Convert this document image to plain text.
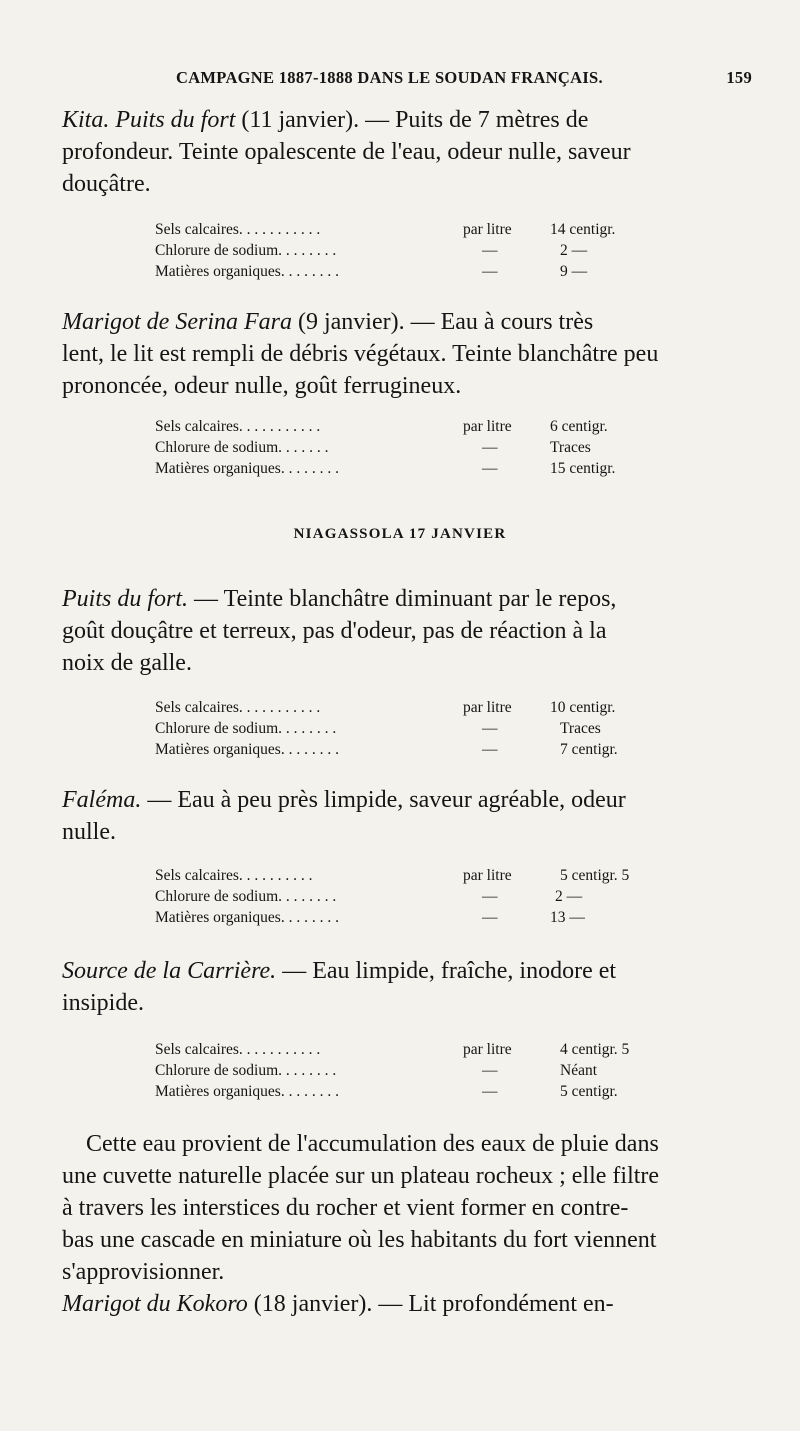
CAMPAGNE 1887-1888 DANS LE SOUDAN FRANÇAIS.	159
Kita. Puits du fort (11 janvier). — Puits de 7 mètres de
profondeur. Teinte opalescente de l'eau, odeur nulle, saveur
douçâtre.
Sels calcaires. . . . . . . . . . .	par litre 14 centigr.
Chlorure de sodium. . . . . . . .	—	2 —
Matières organiques. . . . . . . .	—	9 —
Marigot de Serina Fara (9 janvier). — Eau à cours très
lent, le lit est rempli de débris végétaux. Teinte blanchâtre peu
prononcée, odeur nulle, goût ferrugineux.
Sels calcaires. . . . . . . . . . .	par litre 6 centigr.
Chlorure de sodium. . . . . . .	—	Traces
Matières organiques. . . . . . . .	—	15 centigr.
NIAGASSOLA 17 JANVIER
Puits du fort. — Teinte blanchâtre diminuant par le repos,
goût douçâtre et terreux, pas d'odeur, pas de réaction à la
noix de galle.
Sels calcaires. . . . . . . . . . .	par litre 10 centigr.
Chlorure de sodium. . . . . . . .	—	Traces
Matières organiques. . . . . . . .	—	7 centigr.
Faléma. — Eau à peu près limpide, saveur agréable, odeur
nulle.
Sels calcaires. . . . . . . . . .	par litre	5 centigr. 5
Chlorure de sodium. . . . . . . .	—	2 —
Matières organiques. . . . . . . .	—	13 —
Source de la Carrière. — Eau limpide, fraîche, inodore et
insipide.
Sels calcaires. . . . . . . . . . .	par litre	4 centigr. 5
Chlorure de sodium. . . . . . . .	—	Néant
Matières organiques. . . . . . . .	—	5 centigr.
Cette eau provient de l'accumulation des eaux de pluie dans
une cuvette naturelle placée sur un plateau rocheux ; elle filtre
à travers les interstices du rocher et vient former en contre-
bas une cascade en miniature où les habitants du fort viennent
s'approvisionner.
Marigot du Kokoro (18 janvier). — Lit profondément en-
